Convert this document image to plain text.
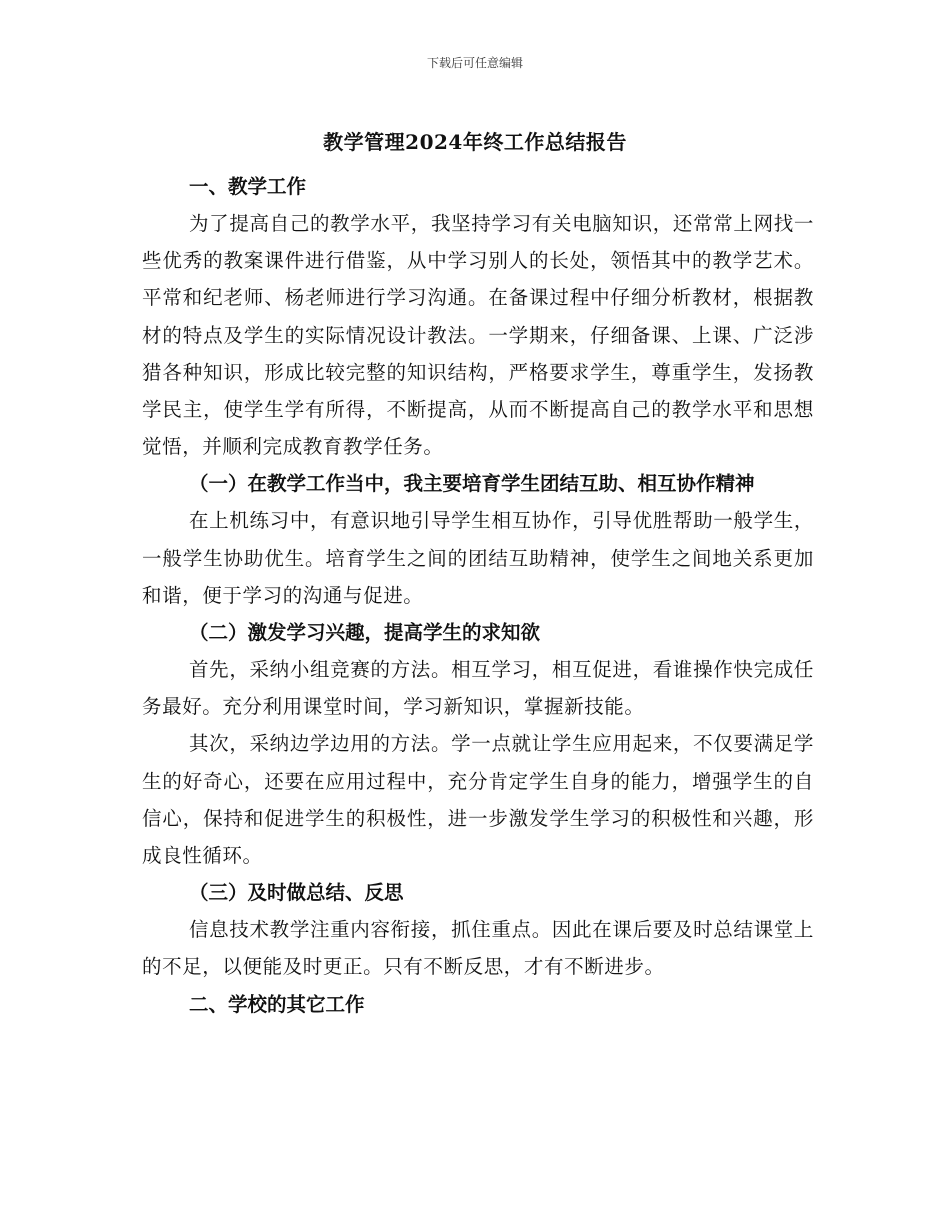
下载后可任意编辑
教学管理2024年终工作总结报告
一、教学工作

为了提高自己的教学水平，我坚持学习有关电脑知识，还常常上网找一些优秀的教案课件进行借鉴，从中学习别人的长处，领悟其中的教学艺术。平常和纪老师、杨老师进行学习沟通。在备课过程中仔细分析教材，根据教材的特点及学生的实际情况设计教法。一学期来，仔细备课、上课、广泛涉猎各种知识，形成比较完整的知识结构，严格要求学生，尊重学生，发扬教学民主，使学生学有所得，不断提高，从而不断提高自己的教学水平和思想觉悟，并顺利完成教育教学任务。

（一）在教学工作当中，我主要培育学生团结互助、相互协作精神

在上机练习中，有意识地引导学生相互协作，引导优胜帮助一般学生，一般学生协助优生。培育学生之间的团结互助精神，使学生之间地关系更加和谐，便于学习的沟通与促进。

（二）激发学习兴趣，提高学生的求知欲

首先，采纳小组竞赛的方法。相互学习，相互促进，看谁操作快完成任务最好。充分利用课堂时间，学习新知识，掌握新技能。

其次，采纳边学边用的方法。学一点就让学生应用起来，不仅要满足学生的好奇心，还要在应用过程中，充分肯定学生自身的能力，增强学生的自信心，保持和促进学生的积极性，进一步激发学生学习的积极性和兴趣，形成良性循环。

（三）及时做总结、反思

信息技术教学注重内容衔接，抓住重点。因此在课后要及时总结课堂上的不足，以便能及时更正。只有不断反思，才有不断进步。

二、学校的其它工作
